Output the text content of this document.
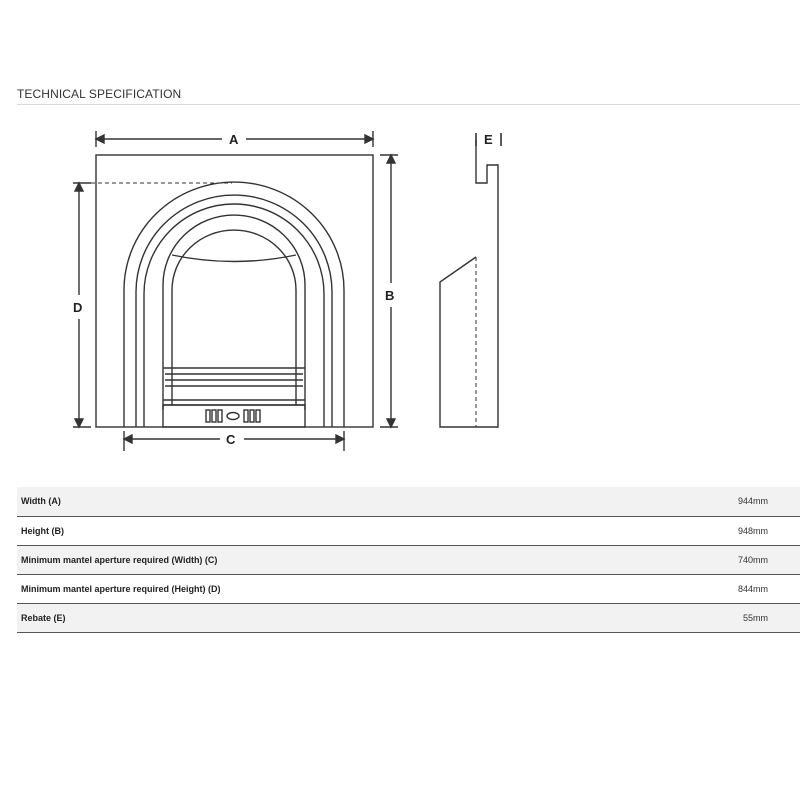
TECHNICAL SPECIFICATION
A
B
C
D
E
Width (A)	944mm
Height (B)	948mm
Minimum mantel aperture required (Width) (C)	740mm
Minimum mantel aperture required (Height) (D)	844mm
Rebate (E)	55mm
